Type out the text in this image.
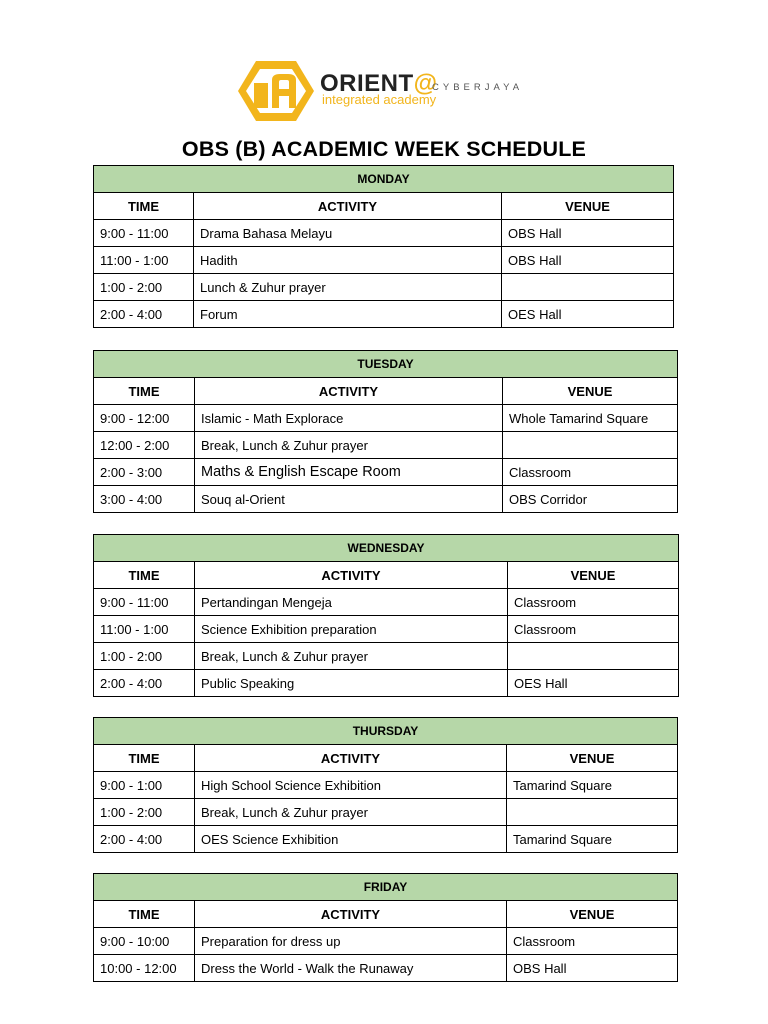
ORIENT@
CYBERJAYA
integrated academy
OBS (B) ACADEMIC WEEK SCHEDULE
MONDAY		
TIME	ACTIVITY	VENUE
9:00 - 11:00	Drama Bahasa Melayu	OBS Hall
11:00 - 1:00	Hadith	OBS Hall
1:00 - 2:00	Lunch & Zuhur prayer	
2:00 - 4:00	Forum	OES Hall
TUESDAY		
TIME	ACTIVITY	VENUE
9:00 - 12:00	Islamic - Math Exploracе	Whole Tamarind Square
12:00 - 2:00	Break, Lunch & Zuhur prayer	
2:00 - 3:00	Maths & English Escape Room	Classroom
3:00 - 4:00	Souq al-Orient	OBS Corridor
WEDNESDAY		
TIME	ACTIVITY	VENUE
9:00 - 11:00	Pertandingan Mengeja	Classroom
11:00 - 1:00	Science Exhibition preparation	Classroom
1:00 - 2:00	Break, Lunch & Zuhur prayer	
2:00 - 4:00	Public Speaking	OES Hall
THURSDAY		
TIME	ACTIVITY	VENUE
9:00 - 1:00	High School Science Exhibition	Tamarind Square
1:00 - 2:00	Break, Lunch & Zuhur prayer	
2:00 - 4:00	OES Science Exhibition	Tamarind Square
FRIDAY		
TIME	ACTIVITY	VENUE
9:00 - 10:00	Preparation for dress up	Classroom
10:00 - 12:00	Dress the World - Walk the Runaway	OBS Hall
